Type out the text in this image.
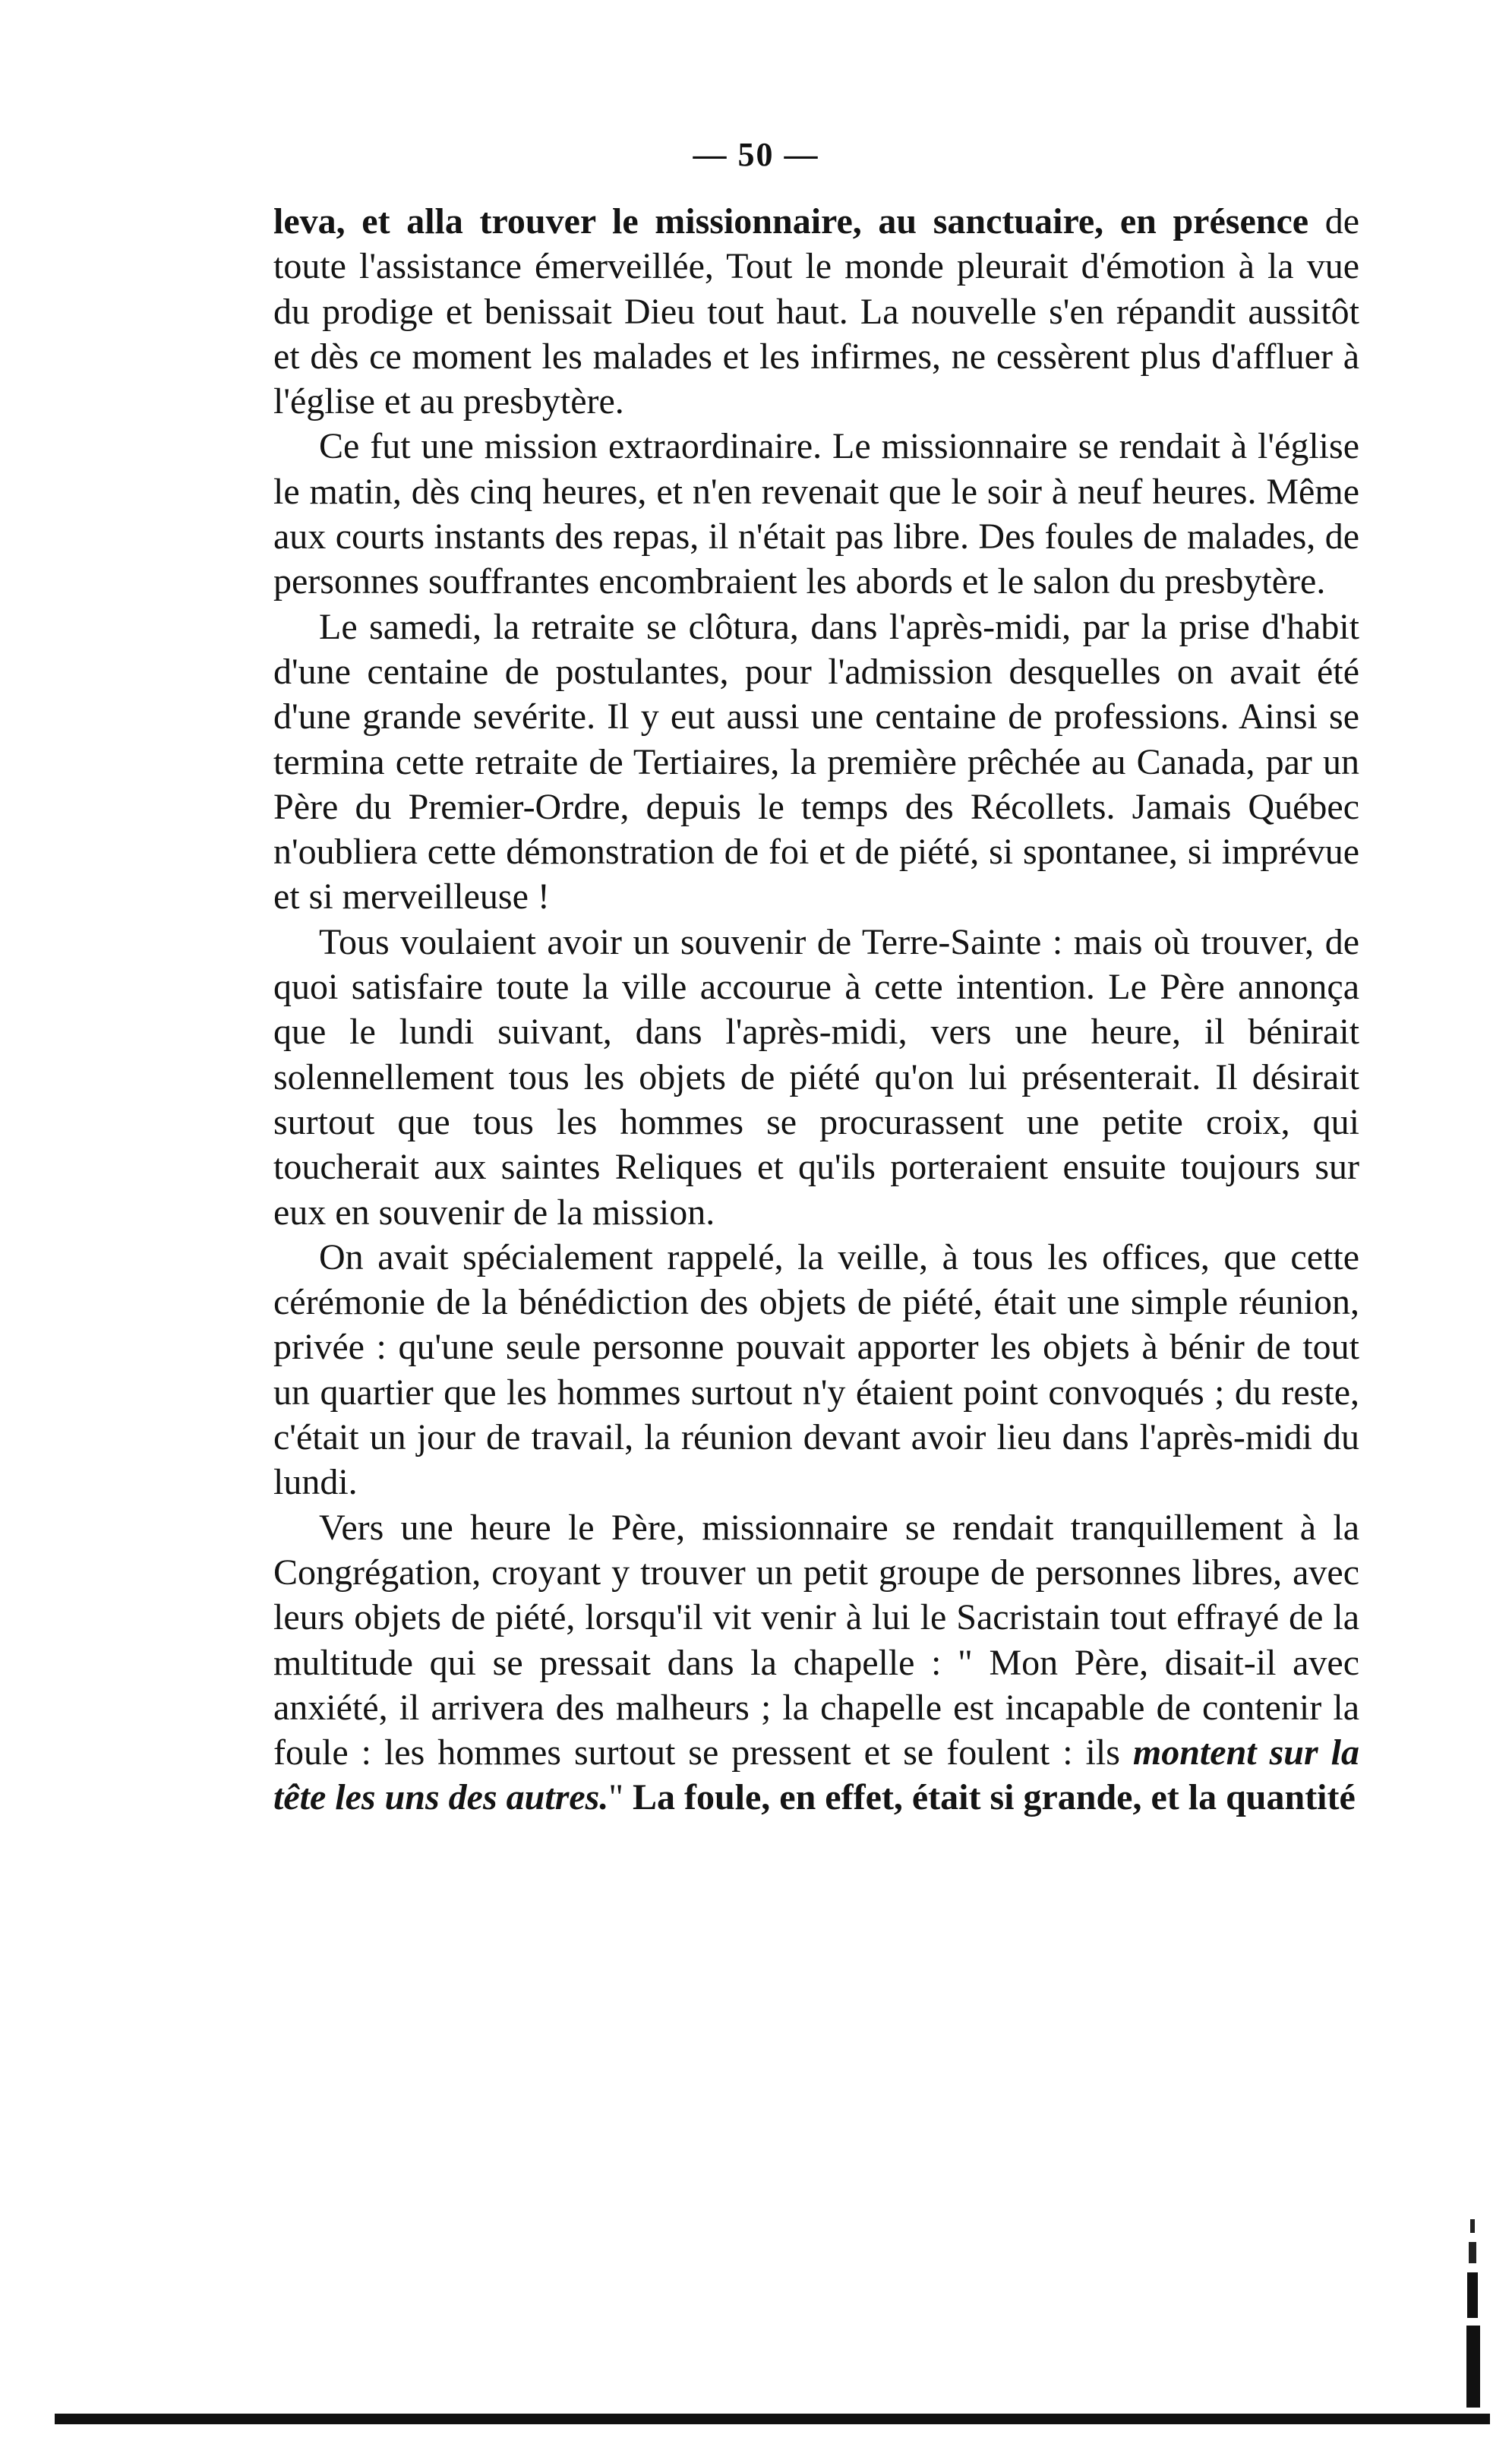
— 50 —

leva, et alla trouver le missionnaire, au sanctuaire, en présence de toute l'assistance émerveillée, Tout le monde pleurait d'émotion à la vue du prodige et benissait Dieu tout haut. La nouvelle s'en répandit aussitôt et dès ce moment les malades et les infirmes, ne cessèrent plus d'affluer à l'église et au presbytère.

Ce fut une mission extraordinaire. Le missionnaire se rendait à l'église le matin, dès cinq heures, et n'en revenait que le soir à neuf heures. Même aux courts instants des repas, il n'était pas libre. Des foules de malades, de personnes souffrantes encombraient les abords et le salon du presbytère.

Le samedi, la retraite se clôtura, dans l'après-midi, par la prise d'habit d'une centaine de postulantes, pour l'admission desquelles on avait été d'une grande sevérite. Il y eut aussi une centaine de professions. Ainsi se termina cette retraite de Tertiaires, la première prêchée au Canada, par un Père du Premier-Ordre, depuis le temps des Récollets. Jamais Québec n'oubliera cette démonstration de foi et de piété, si spontanee, si imprévue et si merveilleuse !

Tous voulaient avoir un souvenir de Terre-Sainte : mais où trouver, de quoi satisfaire toute la ville accourue à cette intention. Le Père annonça que le lundi suivant, dans l'après-midi, vers une heure, il bénirait solennellement tous les objets de piété qu'on lui présenterait. Il désirait surtout que tous les hommes se procurassent une petite croix, qui toucherait aux saintes Reliques et qu'ils porteraient ensuite toujours sur eux en souvenir de la mission.

On avait spécialement rappelé, la veille, à tous les offices, que cette cérémonie de la bénédiction des objets de piété, était une simple réunion, privée : qu'une seule personne pouvait apporter les objets à bénir de tout un quartier que les hommes surtout n'y étaient point convoqués ; du reste, c'était un jour de travail, la réunion devant avoir lieu dans l'après-midi du lundi.

Vers une heure le Père, missionnaire se rendait tranquillement à la Congrégation, croyant y trouver un petit groupe de personnes libres, avec leurs objets de piété, lorsqu'il vit venir à lui le Sacristain tout effrayé de la multitude qui se pressait dans la chapelle : " Mon Père, disait-il avec anxiété, il arrivera des malheurs ; la chapelle est incapable de contenir la foule : les hommes surtout se pressent et se foulent : ils montent sur la tête les uns des autres." La foule, en effet, était si grande, et la quantité
